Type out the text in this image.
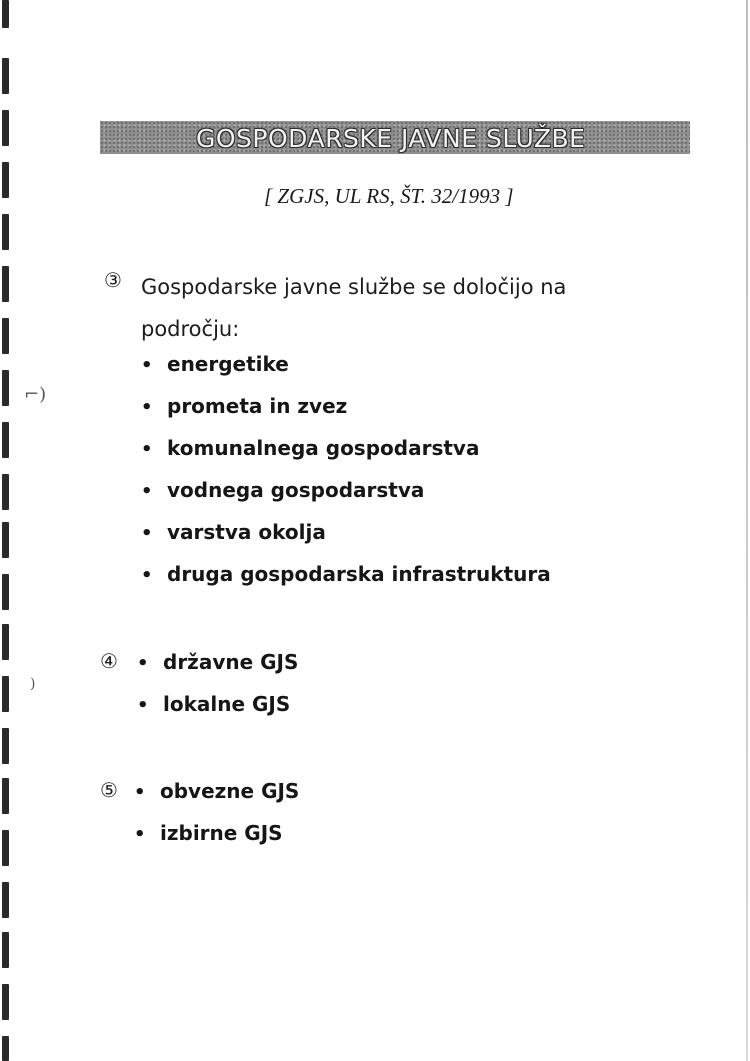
⌐)
)
GOSPODARSKE JAVNE SLUŽBE
[ ZGJS, UL RS, ŠT. 32/1993 ]
③ Gospodarske javne službe se določijo na področju:
• energetike
• prometa in zvez
• komunalnega gospodarstva
• vodnega gospodarstva
• varstva okolja
• druga gospodarska infrastruktura
④ • državne GJS
• lokalne GJS
⑤ • obvezne GJS
• izbirne GJS
